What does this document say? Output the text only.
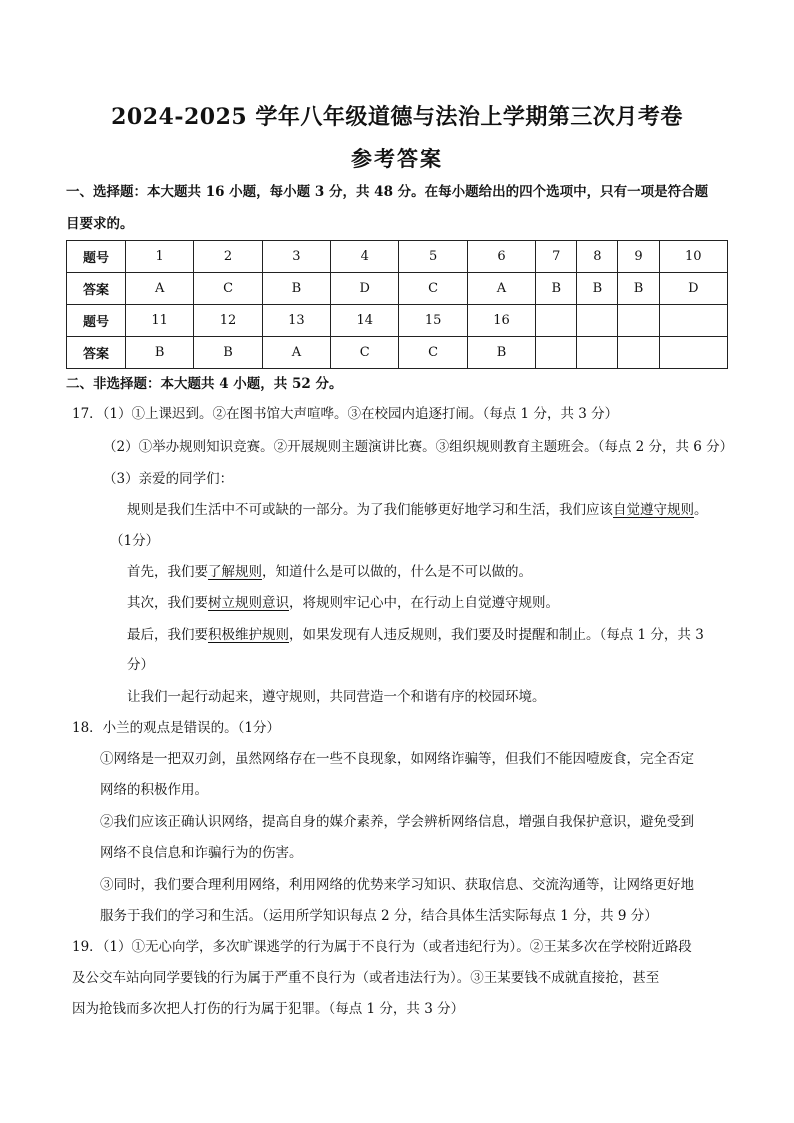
2024-2025 学年八年级道德与法治上学期第三次月考卷
参考答案
一、选择题：本大题共 16 小题，每小题 3 分，共 48 分。在每小题给出的四个选项中，只有一项是符合题
目要求的。
题号	1	2	3	4	5	6	7	8	9	10
答案	A	C	B	D	C	A	B	B	B	D
题号	11	12	13	14	15	16				
答案	B	B	A	C	C	B				
二、非选择题：本大题共 4 小题，共 52 分。
17．（1）①上课迟到。②在图书馆大声喧哗。③在校园内追逐打闹。（每点 1 分，共 3 分）
（2）①举办规则知识竞赛。②开展规则主题演讲比赛。③组织规则教育主题班会。（每点 2 分，共 6 分）
（3）亲爱的同学们：
规则是我们生活中不可或缺的一部分。为了我们能够更好地学习和生活，我们应该自觉遵守规则。
（1分）
首先，我们要了解规则，知道什么是可以做的，什么是不可以做的。
其次，我们要树立规则意识，将规则牢记心中，在行动上自觉遵守规则。
最后，我们要积极维护规则，如果发现有人违反规则，我们要及时提醒和制止。（每点 1 分，共 3
分）
让我们一起行动起来，遵守规则，共同营造一个和谐有序的校园环境。
18．小兰的观点是错误的。（1分）
①网络是一把双刃剑，虽然网络存在一些不良现象，如网络诈骗等，但我们不能因噎废食，完全否定
网络的积极作用。
②我们应该正确认识网络，提高自身的媒介素养，学会辨析网络信息，增强自我保护意识，避免受到
网络不良信息和诈骗行为的伤害。
③同时，我们要合理利用网络，利用网络的优势来学习知识、获取信息、交流沟通等，让网络更好地
服务于我们的学习和生活。（运用所学知识每点 2 分，结合具体生活实际每点 1 分，共 9 分）
19．（1）①无心向学，多次旷课逃学的行为属于不良行为（或者违纪行为）。②王某多次在学校附近路段
及公交车站向同学要钱的行为属于严重不良行为（或者违法行为）。③王某要钱不成就直接抢，甚至
因为抢钱而多次把人打伤的行为属于犯罪。（每点 1 分，共 3 分）
